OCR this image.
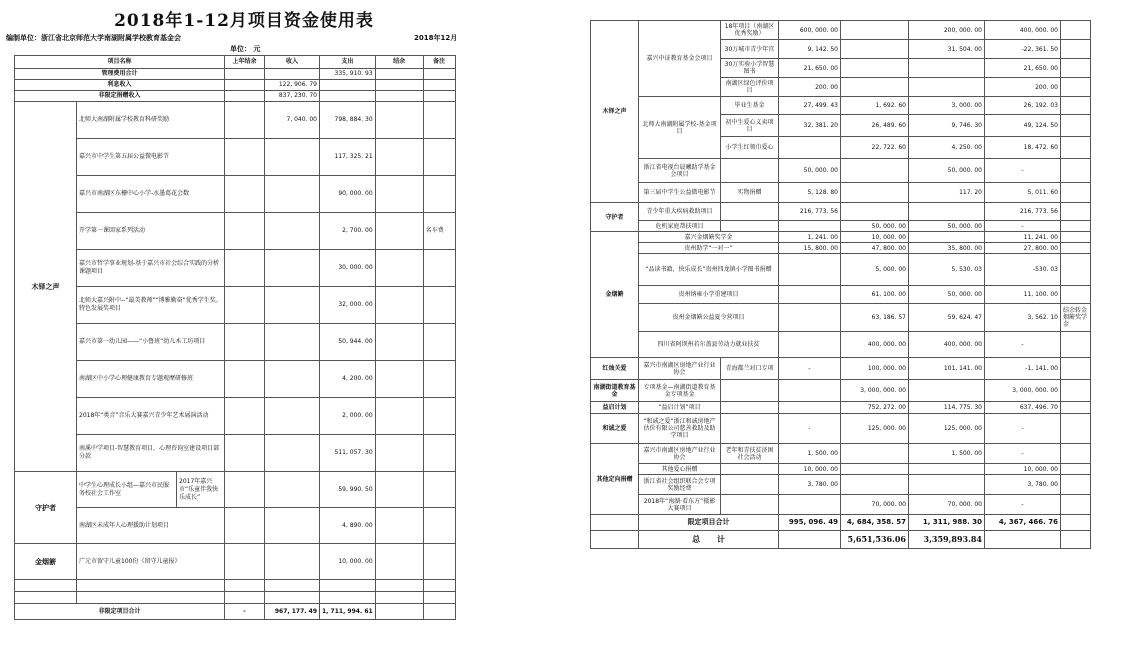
2018年1-12月项目资金使用表
编制单位：浙江省北京师范大学南湖附属学校教育基金会	2018年12月
单位： 元
项目名称			上年结余	收入	支出	结余	备注
管理费用合计					335, 910. 93		
利息收入				122, 906. 79			
非限定捐赠收入				837, 230. 70			
木铎之声	北师大南湖附属学校教育科研奖励			7, 040. 00	798, 884. 30		
	嘉兴市中学生第五届公益微电影节				117, 325. 21		
	嘉兴市南湖区东栅中心小学-水墨葛花会数				90, 000. 00		
	开学第一课回家系列活动				2, 700. 00		名车费
	嘉兴市哲学事业规划-基于嘉兴市社会综合实践的分析课题项目				30, 000. 00		
	北师大嘉兴附中--“最美教师”“博雅勤奋”优秀学生奖、特色发展奖项目				32, 000. 00		
	嘉兴市第一幼儿园——“小鲁班”幼儿木工坊项目				50, 944. 00		
	南湖区中小学心理健康教育专题观摩研修班				4, 200. 00		
	2018年“类音”音乐大赛嘉兴青少年艺术展演活动				2, 000. 00		
	南溪中学项目-智慧教育项目、心理咨询室建设项目部分款				511, 057. 30		
守护者	中学生心理成长小组—嘉兴市民服务校社会工作室	2017年嘉兴市“乐童伴我快乐成长”			59, 990. 50		
	南湖区未成年人心理援助计划项目				4, 890. 00		
金烟簖	广元市留守儿童100份《留守儿童报》				10, 000. 00		

非限定项目合计			-	967, 177. 49	1, 711, 994. 61		
木铎之声	嘉兴中证教育基金会项目	18年项目（南湖区优秀奖励）	600, 000. 00		200, 000. 00	400, 000. 00	
		30万城市青少年宫	9, 142. 50		31, 504. 00	-22, 361. 50	
		30万实验小学智慧图书	21, 650. 00			21, 650. 00	
		南湖区绿色评价项目	200. 00			200. 00	
	北师大南湖附属学校-基金项目	毕业生基金	27, 499. 43	1, 692. 60	3, 000. 00	26, 192. 03	
		初中生爱心义卖项目	32, 381. 20	26, 489. 60	9, 746. 30	49, 124. 50	
		小学生红领巾爱心		22, 722. 60	4, 250. 00	18, 472. 60	
	浙江省电视台晨曦助学基金会项目		50, 000. 00		50, 000. 00	-	
	第三届中学生公益微电影节	实物捐赠	5, 128. 80		117. 20	5, 011. 60	
守护者	青少年重大疾病救助项目		216, 773. 56			216, 773. 56	
	危机家庭帮扶项目			50, 000. 00	50, 000. 00	-	
金烟簖	嘉兴金烟簖奖学金		1, 241. 00	10, 000. 00		11, 241. 00	
	贵州助学“一对一”		15, 800. 00	47, 800. 00	35, 800. 00	27, 800. 00	
	“品读书籍，快乐成长”贵州四龙镇小学图书捐赠			5, 000. 00	5, 530. 03	-530. 03	
	贵州纳雍小学重建项目			61, 100. 00	50, 000. 00	11, 100. 00	
	贵州金烟簖公益夏令营项目			63, 186. 57	59, 624. 47	3, 562. 10	结余转金烟簖奖学金
	四川省阿坝州若尔盖县劳动力就业扶贫			400, 000. 00	400, 000. 00	-	
红烛关爱	嘉兴市南湖区房地产业行业协会	青海都兰对口专项	-	100, 000. 00	101, 141. 00	-1, 141. 00	
南湖街道教育基金	专项基金—南湖街道教育基金专项基金			3, 000, 000. 00		3, 000, 000. 00	
益启计划	“益启计划”项目			752, 272. 00	114, 775. 30	637, 496. 70	
和诚之爱	“和诚之爱”浙江和诚房地产估价有限公司慈善救助及助学项目		-	125, 000. 00	125, 000. 00	-	
其他定向捐赠	嘉兴市南湖区房地产业行业协会	老年和青扶贫济困社会活动	1, 500. 00		1, 500. 00	-	
	其他爱心捐赠		10, 000. 00			10, 000. 00	
	浙江省社会组织联合会专项奖励经费		3, 780. 00			3, 780. 00	
	2018年“南湖·看东方”摄影大赛项目			70, 000. 00	70, 000. 00	-	
	限定项目合计		995, 096. 49	4, 684, 358. 57	1, 311, 988. 30	4, 367, 466. 76	
	总      计			5,651,536.06	3,359,893.84		
